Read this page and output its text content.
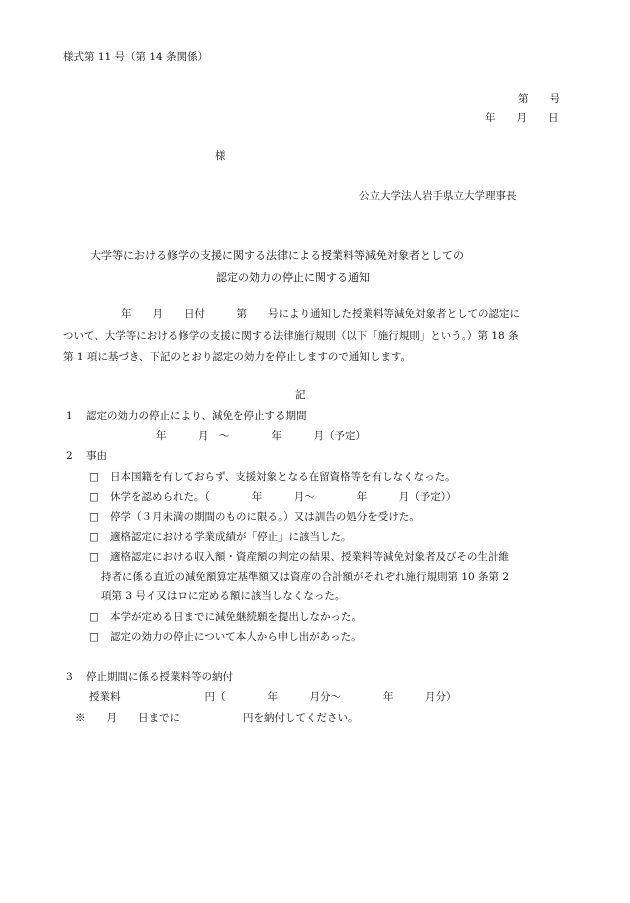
様式第 11 号（第 14 条関係）
第　　号
年　　月　　日
様
公立大学法人岩手県立大学理事長
大学等における修学の支援に関する法律による授業料等減免対象者としての
認定の効力の停止に関する通知
年　　月　　日付　　　第　　号により通知した授業料等減免対象者としての認定に
ついて、大学等における修学の支援に関する法律施行規則（以下「施行規則」という。）第 18 条
第 1 項に基づき、下記のとおり認定の効力を停止しますので通知します。
記
1 認定の効力の停止により、減免を停止する期間
年　　　月　～　　　　年　　　月（予定）
2 事由
□ 日本国籍を有しておらず、支援対象となる在留資格等を有しなくなった。
□ 休学を認められた。（　　　　年　　　月～　　　　年　　　月（予定））
□ 停学（３月未満の期間のものに限る。）又は訓告の処分を受けた。
□ 適格認定における学業成績が「停止」に該当した。
□ 適格認定における収入額・資産額の判定の結果、授業料等減免対象者及びその生計維
持者に係る直近の減免額算定基準額又は資産の合計額がそれぞれ施行規則第 10 条第 2
項第 3 号イ又はロに定める額に該当しなくなった。
□ 本学が定める日までに減免継続願を提出しなかった。
□ 認定の効力の停止について本人から申し出があった。
3 停止期間に係る授業料等の納付
授業料　　　　　　　　円（　　　　年　　　月分～　　　　年　　　月分）
※　　月　　日までに　　　　　　円を納付してください。
